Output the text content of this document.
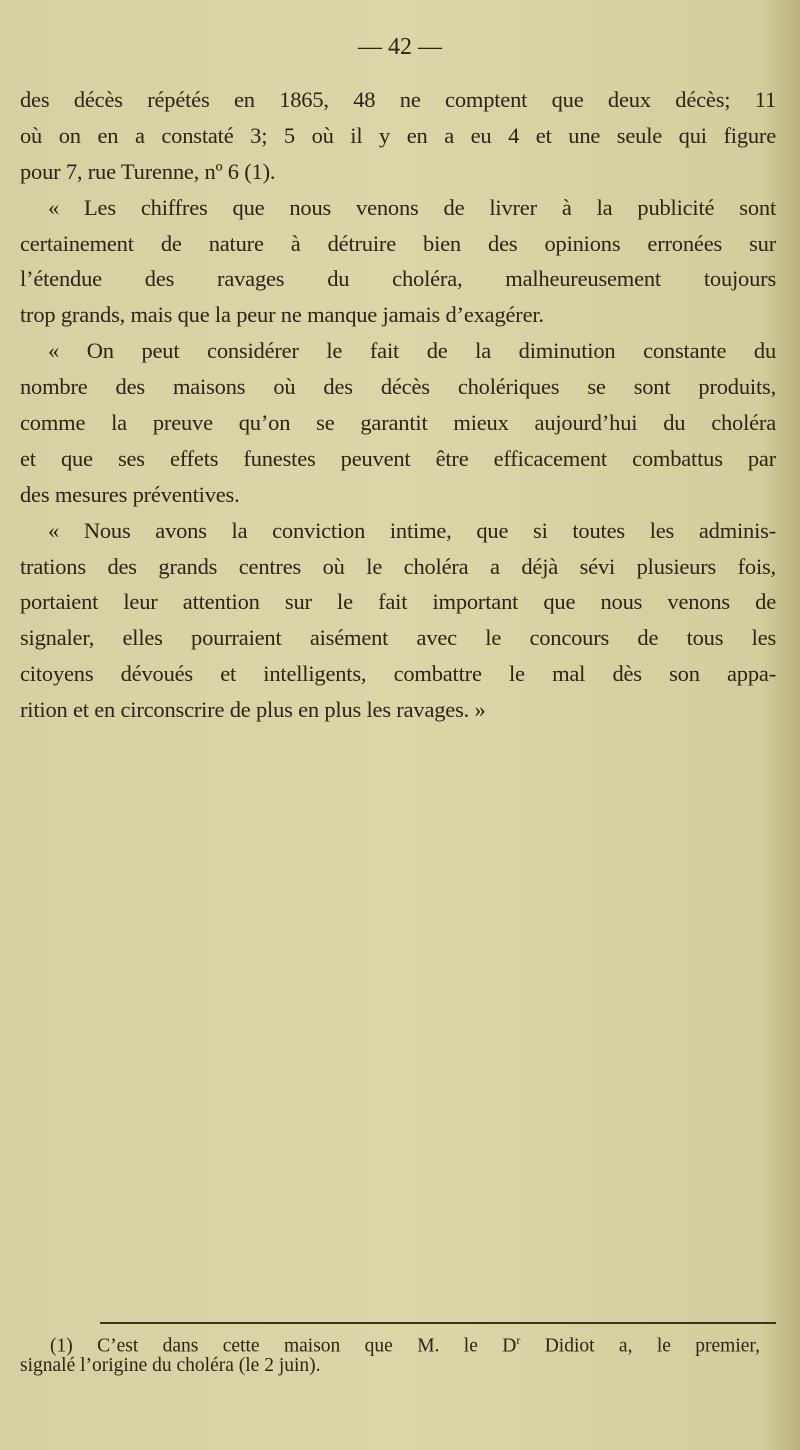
— 42 —
des décès répétés en 1865, 48 ne comptent que deux décès; 11
où on en a constaté 3; 5 où il y en a eu 4 et une seule qui figure
pour 7, rue Turenne, nº 6 (1).
« Les chiffres que nous venons de livrer à la publicité sont
certainement de nature à détruire bien des opinions erronées sur
l’étendue des ravages du choléra, malheureusement toujours
trop grands, mais que la peur ne manque jamais d’exagérer.
« On peut considérer le fait de la diminution constante du
nombre des maisons où des décès cholériques se sont produits,
comme la preuve qu’on se garantit mieux aujourd’hui du choléra
et que ses effets funestes peuvent être efficacement combattus par
des mesures préventives.
« Nous avons la conviction intime, que si toutes les adminis-
trations des grands centres où le choléra a déjà sévi plusieurs fois,
portaient leur attention sur le fait important que nous venons de
signaler, elles pourraient aisément avec le concours de tous les
citoyens dévoués et intelligents, combattre le mal dès son appa-
rition et en circonscrire de plus en plus les ravages. »
(1) C’est dans cette maison que M. le $D^r$ Didiot a, le premier,
signalé l’origine du choléra (le 2 juin).
